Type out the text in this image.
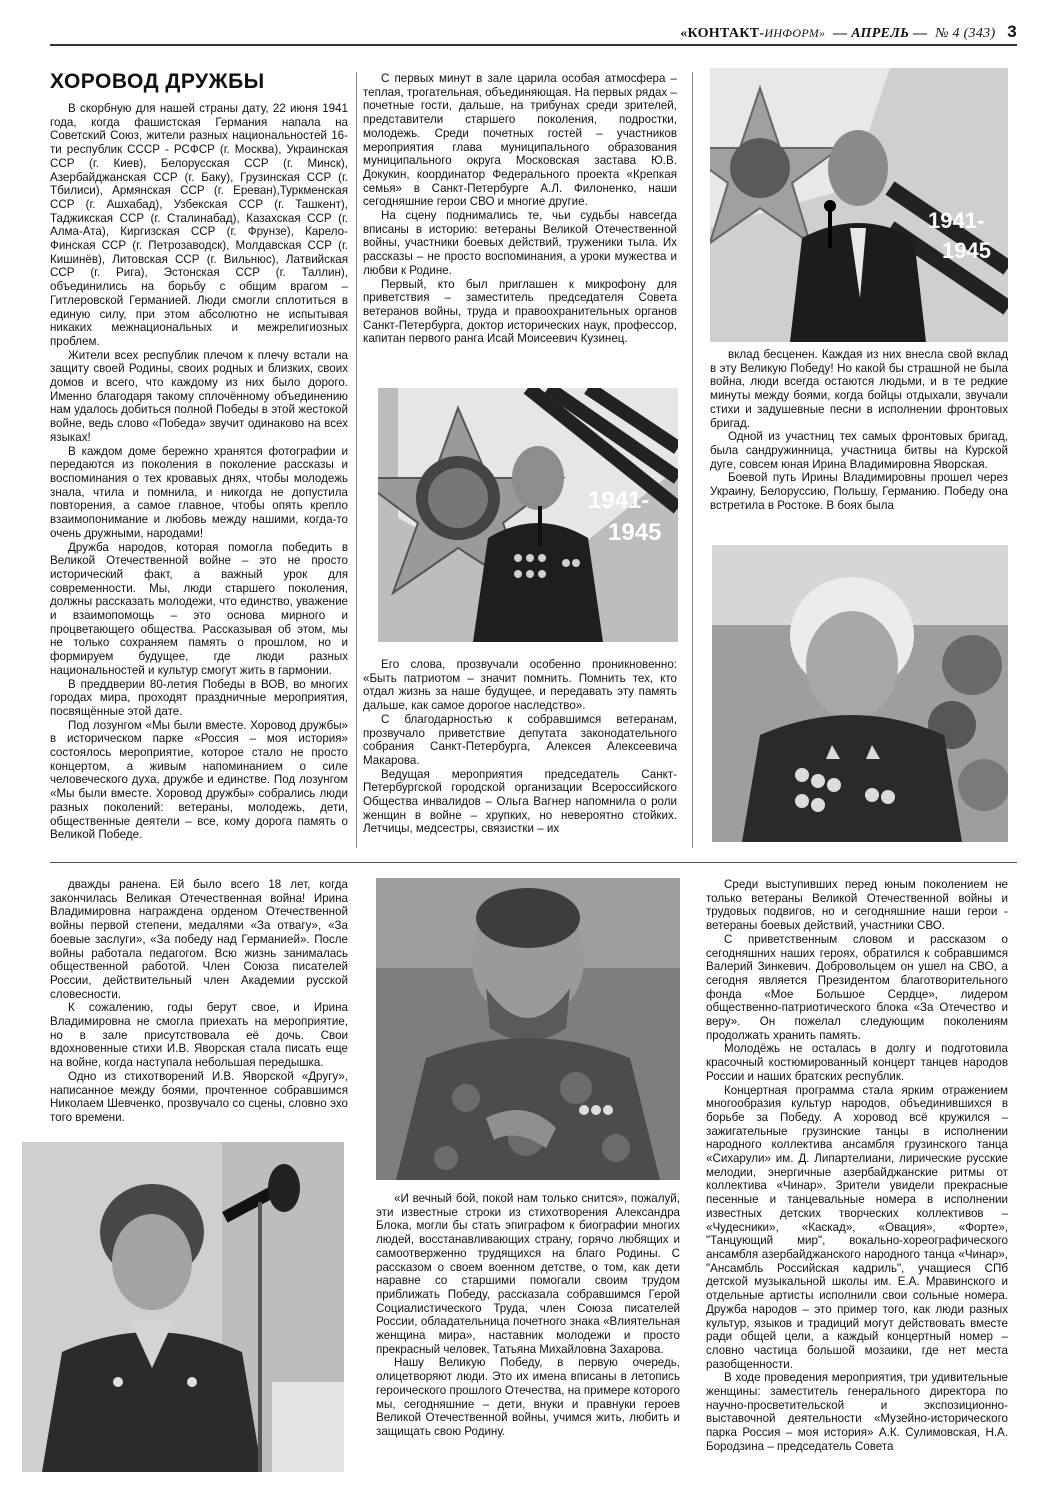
«КОНТАКТ-ИНФОРМ» — АПРЕЛЬ — № 4 (343) 3
ХОРОВОД ДРУЖБЫ

В скорбную для нашей страны дату, 22 июня 1941 года, когда фашистская Германия напала на Советский Союз, жители разных национальностей 16-ти республик СССР - РСФСР (г. Москва), Украинская ССР (г. Киев), Белорусская ССР (г. Минск), Азербайджанская ССР (г. Баку), Грузинская ССР (г. Тбилиси), Армянская ССР (г. Ереван),Туркменская ССР (г. Ашхабад), Узбекская ССР (г. Ташкент), Таджикская ССР (г. Сталинабад), Казахская ССР (г. Алма-Ата), Киргизская ССР (г. Фрунзе), Карело-Финская ССР (г. Петрозаводск), Молдавская ССР (г. Кишинёв), Литовская ССР (г. Вильнюс), Латвийская ССР (г. Рига), Эстонская ССР (г. Таллин), объединились на борьбу с общим врагом – Гитлеровской Германией. Люди смогли сплотиться в единую силу, при этом абсолютно не испытывая никаких межнациональных и межрелигиозных проблем.

Жители всех республик плечом к плечу встали на защиту своей Родины, своих родных и близких, своих домов и всего, что каждому из них было дорого. Именно благодаря такому сплочённому объединению нам удалось добиться полной Победы в этой жестокой войне, ведь слово «Победа» звучит одинаково на всех языках!

В каждом доме бережно хранятся фотографии и передаются из поколения в поколение рассказы и воспоминания о тех кровавых днях, чтобы молодежь знала, чтила и помнила, и никогда не допустила повторения, а самое главное, чтобы опять крепло взаимопонимание и любовь между нашими, когда-то очень дружными, народами!

Дружба народов, которая помогла победить в Великой Отечественной войне – это не просто исторический факт, а важный урок для современности. Мы, люди старшего поколения, должны рассказать молодежи, что единство, уважение и взаимопомощь – это основа мирного и процветающего общества. Рассказывая об этом, мы не только сохраняем память о прошлом, но и формируем будущее, где люди разных национальностей и культур смогут жить в гармонии.

В преддверии 80-летия Победы в ВОВ, во многих городах мира, проходят праздничные мероприятия, посвящённые этой дате.

Под лозунгом «Мы были вместе. Хоровод дружбы» в историческом парке «Россия – моя история» состоялось мероприятие, которое стало не просто концертом, а живым напоминанием о силе человеческого духа, дружбе и единстве. Под лозунгом «Мы были вместе. Хоровод дружбы» собрались люди разных поколений: ветераны, молодежь, дети, общественные деятели – все, кому дорога память о Великой Победе.

С первых минут в зале царила особая атмосфера – теплая, трогательная, объединяющая. На первых рядах – почетные гости, дальше, на трибунах среди зрителей, представители старшего поколения, подростки, молодежь. Среди почетных гостей – участников мероприятия глава муниципального образования муниципального округа Московская застава Ю.В. Докукин, координатор Федерального проекта «Крепкая семья» в Санкт-Петербурге А.Л. Филоненко, наши сегодняшние герои СВО и многие другие.

На сцену поднимались те, чьи судьбы навсегда вписаны в историю: ветераны Великой Отечественной войны, участники боевых действий, труженики тыла. Их рассказы – не просто воспоминания, а уроки мужества и любви к Родине.

Первый, кто был приглашен к микрофону для приветствия – заместитель председателя Совета ветеранов войны, труда и правоохранительных органов Санкт-Петербурга, доктор исторических наук, профессор, капитан первого ранга Исай Моисеевич Кузинец.

1941-
1945

Его слова, прозвучали особенно проникновенно: «Быть патриотом – значит помнить. Помнить тех, кто отдал жизнь за наше будущее, и передавать эту память дальше, как самое дорогое наследство».

С благодарностью к собравшимся ветеранам, прозвучало приветствие депутата законодательного собрания Санкт-Петербурга, Алексея Алексеевича Макарова.

Ведущая мероприятия председатель Санкт-Петербургской городской организации Всероссийского Общества инвалидов – Ольга Вагнер напомнила о роли женщин в войне – хрупких, но невероятно стойких. Летчицы, медсестры, связистки – их

1941-
1945

вклад бесценен. Каждая из них внесла свой вклад в эту Великую Победу! Но какой бы страшной не была война, люди всегда остаются людьми, и в те редкие минуты между боями, когда бойцы отдыхали, звучали стихи и задушевные песни в исполнении фронтовых бригад.

Одной из участниц тех самых фронтовых бригад, была сандружинница, участница битвы на Курской дуге, совсем юная Ирина Владимировна Яворская.

Боевой путь Ирины Владимировны прошел через Украину, Белоруссию, Польшу, Германию. Победу она встретила в Ростоке. В боях была

дважды ранена. Ей было всего 18 лет, когда закончилась Великая Отечественная война! Ирина Владимировна награждена орденом Отечественной войны первой степени, медалями «За отвагу», «За боевые заслуги», «За победу над Германией». После войны работала педагогом. Всю жизнь занималась общественной работой. Член Союза писателей России, действительный член Академии русской словесности.

К сожалению, годы берут свое, и Ирина Владимировна не смогла приехать на мероприятие, но в зале присутствовала её дочь. Свои вдохновенные стихи И.В. Яворская стала писать еще на войне, когда наступала небольшая передышка.

Одно из стихотворений И.В. Яворской «Другу», написанное между боями, прочтенное собравшимся Николаем Шевченко, прозвучало со сцены, словно эхо того времени.

«И вечный бой, покой нам только снится», пожалуй, эти известные строки из стихотворения Александра Блока, могли бы стать эпиграфом к биографии многих людей, восстанавливающих страну, горячо любящих и самоотверженно трудящихся на благо Родины. С рассказом о своем военном детстве, о том, как дети наравне со старшими помогали своим трудом приближать Победу, рассказала собравшимся Герой Социалистического Труда, член Союза писателей России, обладательница почетного знака «Влиятельная женщина мира», наставник молодежи и просто прекрасный человек, Татьяна Михайловна Захарова.

Нашу Великую Победу, в первую очередь, олицетворяют люди. Это их имена вписаны в летопись героического прошлого Отечества, на примере которого мы, сегодняшние – дети, внуки и правнуки героев Великой Отечественной войны, учимся жить, любить и защищать свою Родину.

Среди выступивших перед юным поколением не только ветераны Великой Отечественной войны и трудовых подвигов, но и сегодняшние наши герои - ветераны боевых действий, участники СВО.

С приветственным словом и рассказом о сегодняшних наших героях, обратился к собравшимся Валерий Зинкевич. Добровольцем он ушел на СВО, а сегодня является Президентом благотворительного фонда «Мое Большое Сердце», лидером общественно-патриотического блока «За Отечество и веру». Он пожелал следующим поколениям продолжать хранить память.

Молодёжь не осталась в долгу и подготовила красочный костюмированный концерт танцев народов России и наших братских республик.

Концертная программа стала ярким отражением многообразия культур народов, объединившихся в борьбе за Победу. А хоровод всё кружился – зажигательные грузинские танцы в исполнении народного коллектива ансамбля грузинского танца «Сихарули» им. Д. Липартелиани, лирические русские мелодии, энергичные азербайджанские ритмы от коллектива «Чинар». Зрители увидели прекрасные песенные и танцевальные номера в исполнении известных детских творческих коллективов – «Чудесники», «Каскад», «Овация», «Форте», "Танцующий мир", вокально-хореографического ансамбля азербайджанского народного танца «Чинар», "Ансамбль Российская кадриль", учащиеся СПб детской музыкальной школы им. Е.А. Мравинского и отдельные артисты исполнили свои сольные номера. Дружба народов – это пример того, как люди разных культур, языков и традиций могут действовать вместе ради общей цели, а каждый концертный номер – словно частица большой мозаики, где нет места разобщенности.

В ходе проведения мероприятия, три удивительные женщины: заместитель генерального директора по научно-просветительской и экспозиционно-выставочной деятельности «Музейно-исторического парка Россия – моя история» А.К. Сулимовская, Н.А. Бородзина – председатель Совета
